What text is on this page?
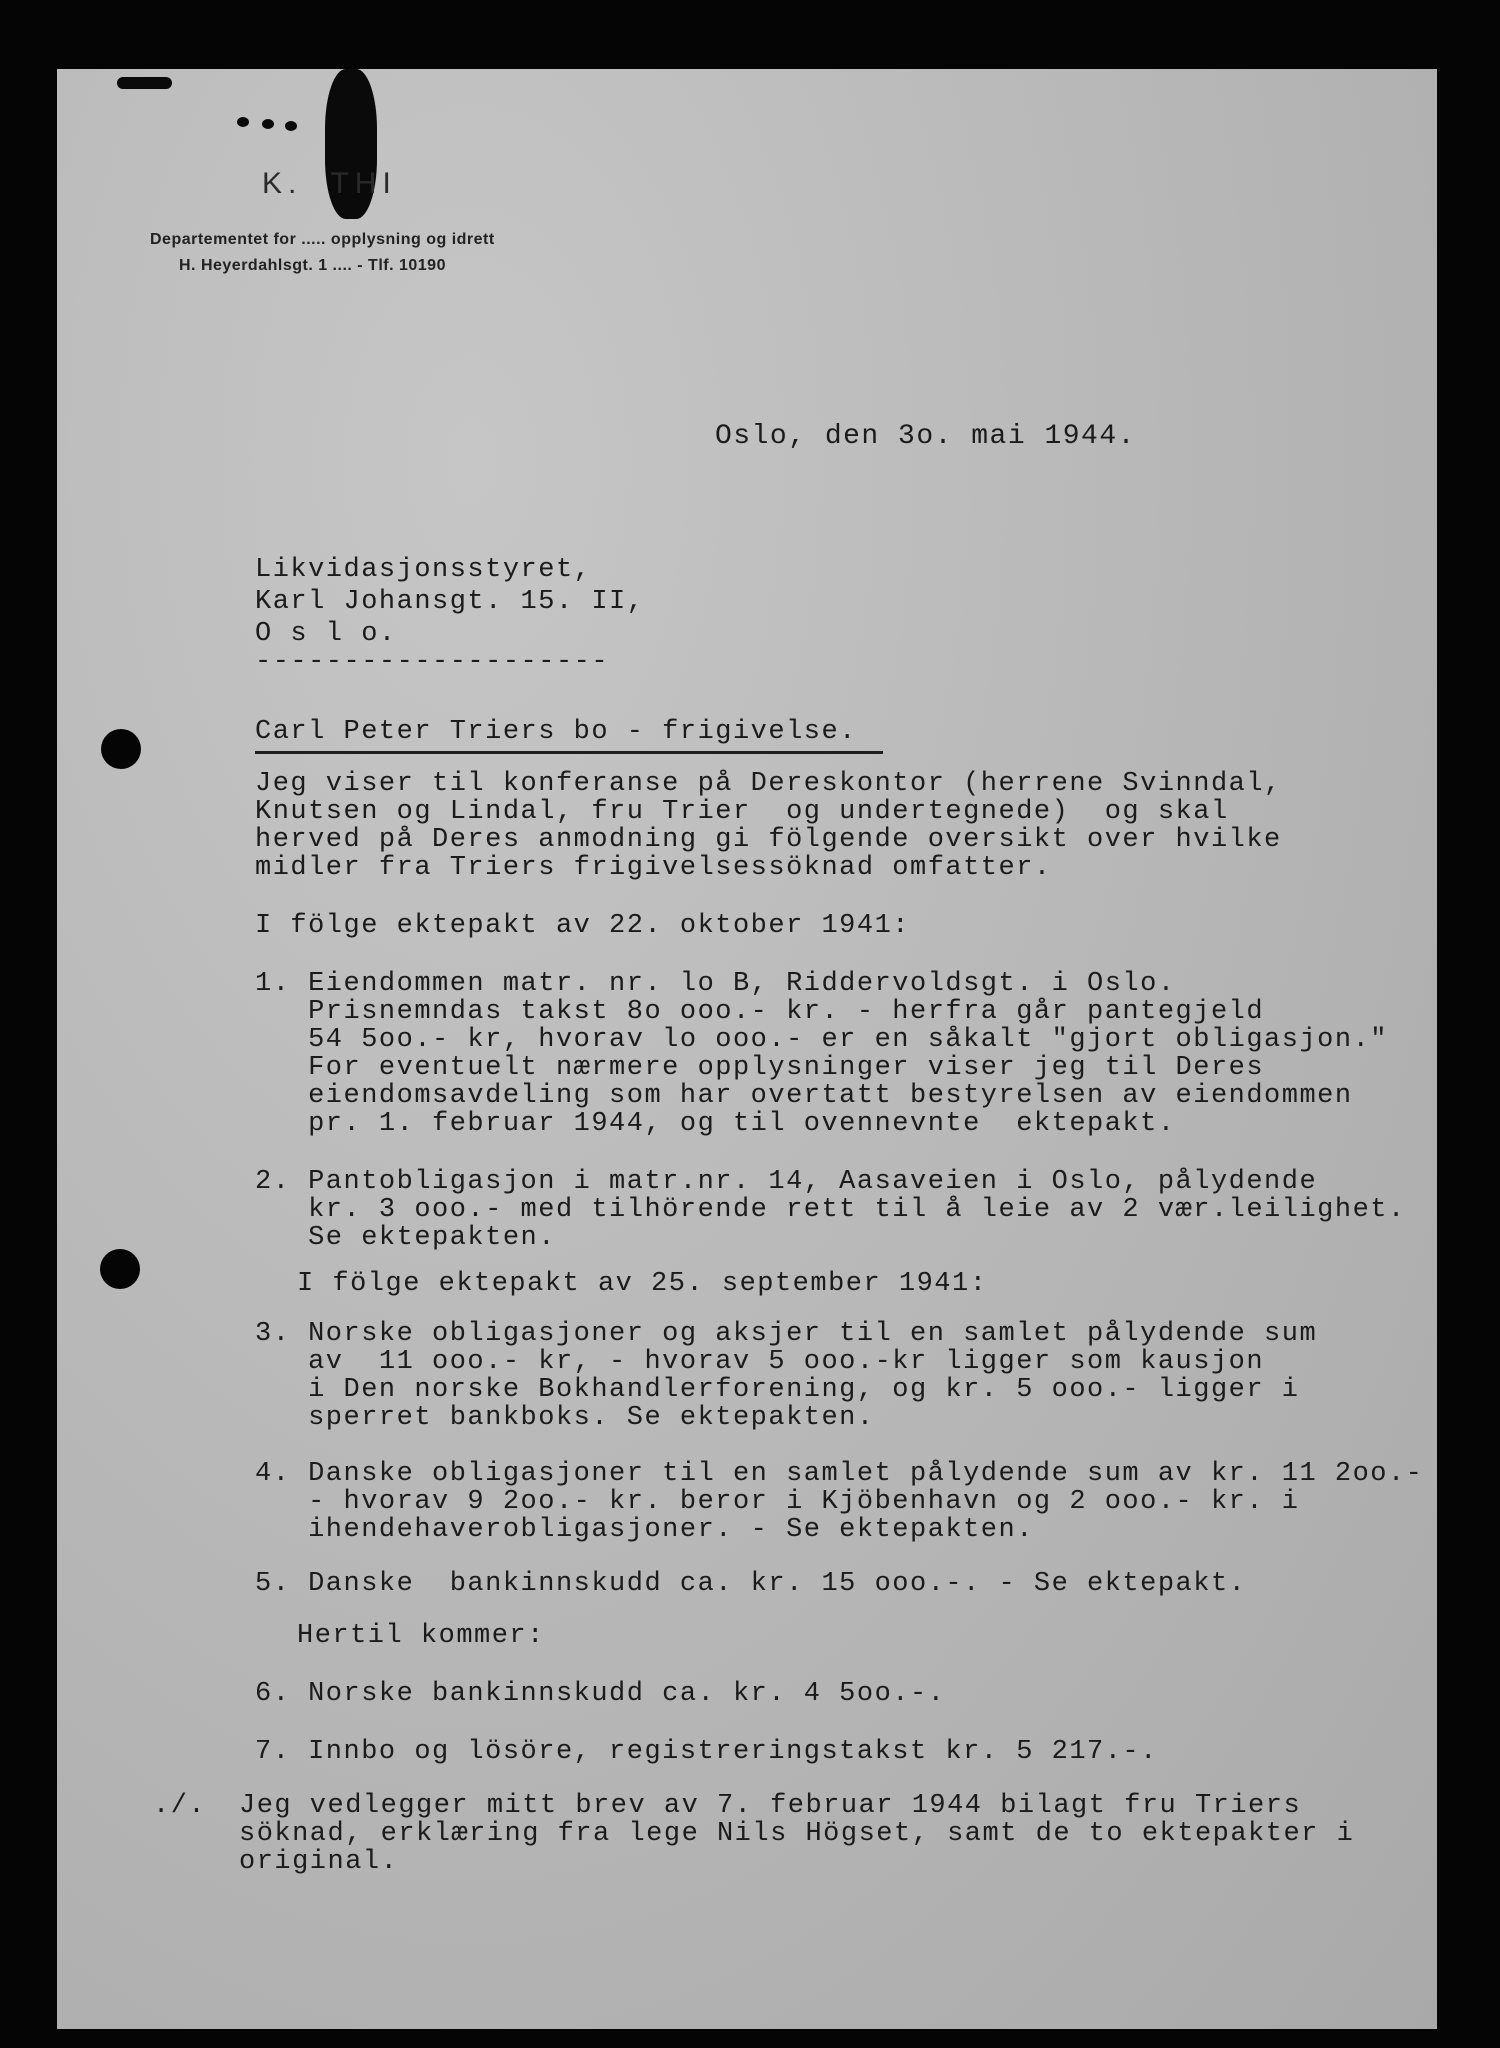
K.  THI
Departementet for ..... opplysning og idrett
H. Heyerdahlsgt. 1 .... - Tlf. 10190
Oslo, den 3o. mai 1944.
Likvidasjonsstyret,
Karl Johansgt. 15. II,
O s l o.
--------------------
Carl Peter Triers bo - frigivelse.
Jeg viser til konferanse på Dereskontor (herrene Svinndal,
Knutsen og Lindal, fru Trier  og undertegnede)  og skal
herved på Deres anmodning gi fölgende oversikt over hvilke
midler fra Triers frigivelsessöknad omfatter.
I fölge ektepakt av 22. oktober 1941:
1. Eiendommen matr. nr. lo B, Riddervoldsgt. i Oslo.
Prisnemndas takst 8o ooo.- kr. - herfra går pantegjeld
54 5oo.- kr, hvorav lo ooo.- er en såkalt "gjort obligasjon."
For eventuelt nærmere opplysninger viser jeg til Deres
eiendomsavdeling som har overtatt bestyrelsen av eiendommen
pr. 1. februar 1944, og til ovennevnte  ektepakt.
2. Pantobligasjon i matr.nr. 14, Aasaveien i Oslo, pålydende
kr. 3 ooo.- med tilhörende rett til å leie av 2 vær.leilighet.
Se ektepakten.
I fölge ektepakt av 25. september 1941:
3. Norske obligasjoner og aksjer til en samlet pålydende sum
av  11 ooo.- kr, - hvorav 5 ooo.-kr ligger som kausjon
i Den norske Bokhandlerforening, og kr. 5 ooo.- ligger i
sperret bankboks. Se ektepakten.
4. Danske obligasjoner til en samlet pålydende sum av kr. 11 2oo.-
- hvorav 9 2oo.- kr. beror i Kjöbenhavn og 2 ooo.- kr. i
ihendehaverobligasjoner. - Se ektepakten.
5. Danske  bankinnskudd ca. kr. 15 ooo.-. - Se ektepakt.
Hertil kommer:
6. Norske bankinnskudd ca. kr. 4 5oo.-.
7. Innbo og lösöre, registreringstakst kr. 5 217.-.
./. Jeg vedlegger mitt brev av 7. februar 1944 bilagt fru Triers
söknad, erklæring fra lege Nils Högset, samt de to ektepakter i
original.
